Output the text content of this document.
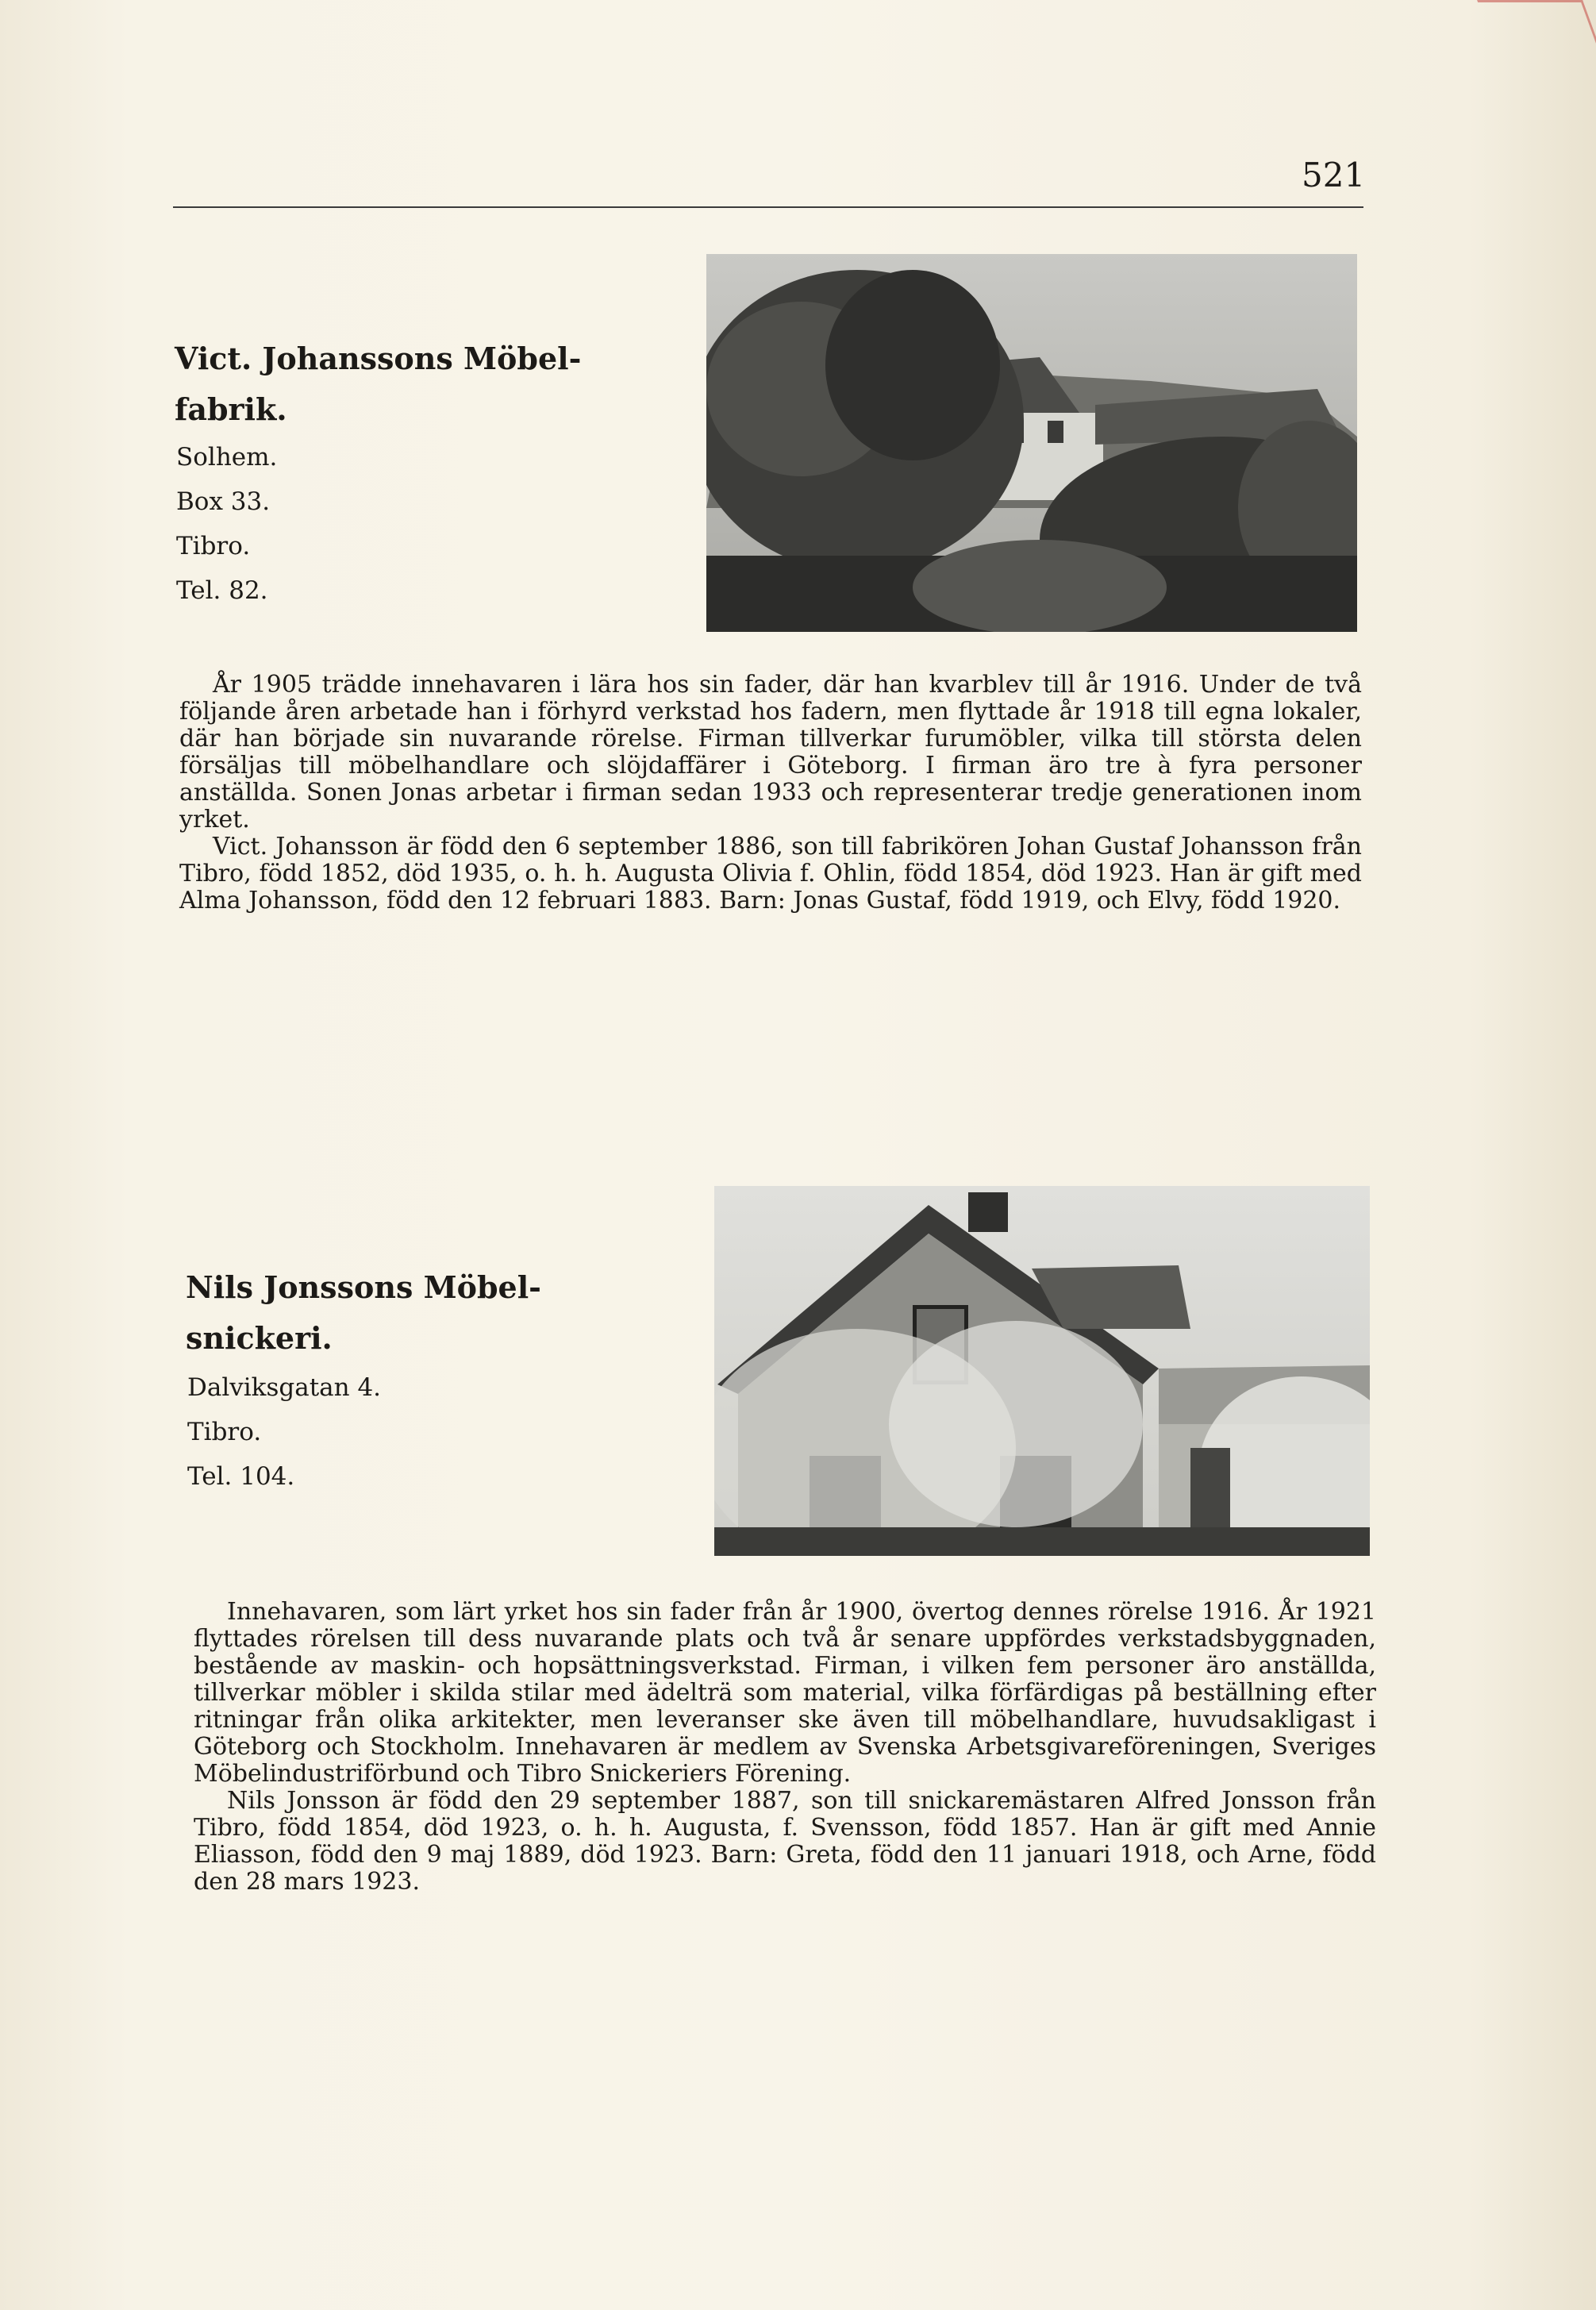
521
Vict. Johanssons Möbel-
fabrik.
Solhem.
Box 33.
Tibro.
Tel. 82.

År 1905 trädde innehavaren i lära hos sin fader, där han kvarblev till år 1916. Under de två följande åren arbetade han i förhyrd verkstad hos fadern, men flyttade år 1918 till egna lokaler, där han började sin nuvarande rörelse. Firman tillverkar furumöbler, vilka till största delen försäljas till möbelhandlare och slöjdaffärer i Göteborg. I firman äro tre à fyra personer anställda. Sonen Jonas arbetar i firman sedan 1933 och representerar tredje generationen inom yrket.

Vict. Johansson är född den 6 september 1886, son till fabrikören Johan Gustaf Johansson från Tibro, född 1852, död 1935, o. h. h. Augusta Olivia f. Ohlin, född 1854, död 1923. Han är gift med Alma Johansson, född den 12 februari 1883. Barn: Jonas Gustaf, född 1919, och Elvy, född 1920.

Nils Jonssons Möbel-
snickeri.
Dalviksgatan 4.
Tibro.
Tel. 104.

Innehavaren, som lärt yrket hos sin fader från år 1900, övertog dennes rörelse 1916. År 1921 flyttades rörelsen till dess nuvarande plats och två år senare uppfördes verkstadsbyggnaden, bestående av maskin- och hopsättningsverkstad. Firman, i vilken fem personer äro anställda, tillverkar möbler i skilda stilar med ädelträ som material, vilka förfärdigas på beställning efter ritningar från olika arkitekter, men leveranser ske även till möbelhandlare, huvudsakligast i Göteborg och Stockholm. Innehavaren är medlem av Svenska Arbetsgivareföreningen, Sveriges Möbelindustriförbund och Tibro Snickeriers Förening.

Nils Jonsson är född den 29 september 1887, son till snickaremästaren Alfred Jonsson från Tibro, född 1854, död 1923, o. h. h. Augusta, f. Svensson, född 1857. Han är gift med Annie Eliasson, född den 9 maj 1889, död 1923. Barn: Greta, född den 11 januari 1918, och Arne, född den 28 mars 1923.
